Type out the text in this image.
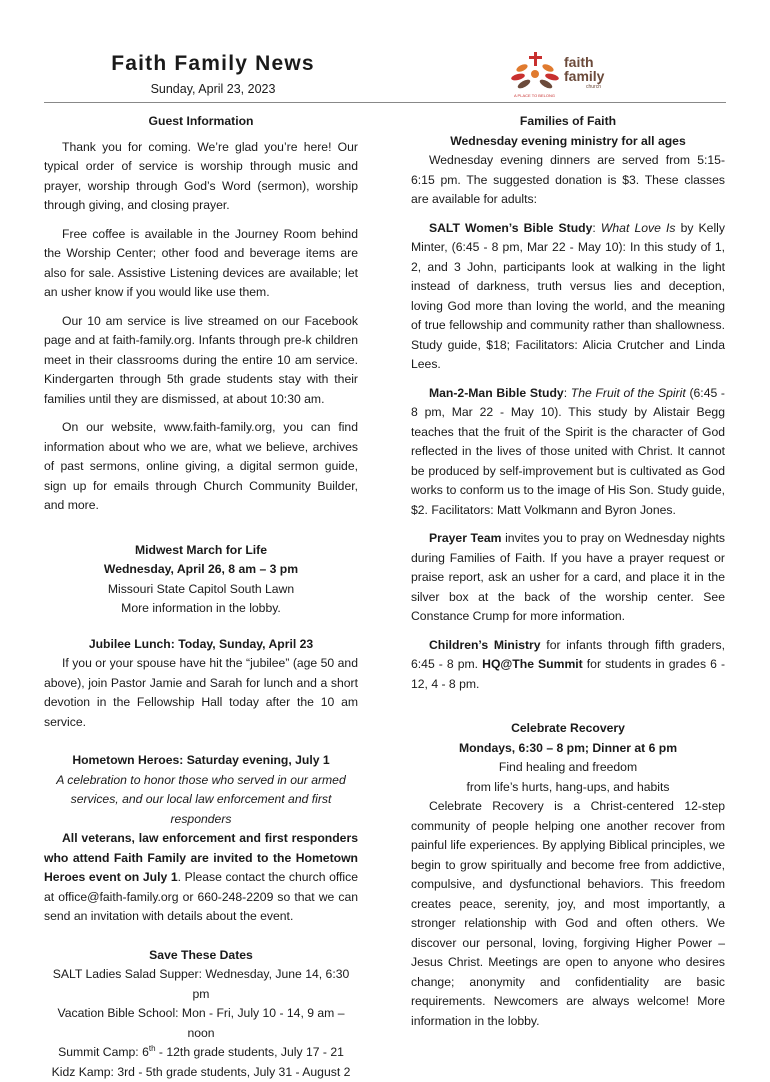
Faith Family News
Sunday, April 23, 2023
faith
family
church
A PLACE TO BELONG
Guest Information

Thank you for coming. We’re glad you’re here! Our typical order of service is worship through music and prayer, worship through God’s Word (sermon), worship through giving, and closing prayer.

Free coffee is available in the Journey Room behind the Worship Center; other food and beverage items are also for sale. Assistive Listening devices are available; let an usher know if you would like use them.

Our 10 am service is live streamed on our Facebook page and at faith-family.org. Infants through pre-k children meet in their classrooms during the entire 10 am service. Kindergarten through 5th grade students stay with their families until they are dismissed, at about 10:30 am.

On our website, www.faith-family.org, you can find information about who we are, what we believe, archives of past sermons, online giving, a digital sermon guide, sign up for emails through Church Community Builder, and more.

Midwest March for Life
Wednesday, April 26, 8 am – 3 pm
Missouri State Capitol South Lawn
More information in the lobby.
Jubilee Lunch: Today, Sunday, April 23

If you or your spouse have hit the “jubilee” (age 50 and above), join Pastor Jamie and Sarah for lunch and a short devotion in the Fellowship Hall today after the 10 am service.

Hometown Heroes: Saturday evening, July 1
A celebration to honor those who served in our armed services, and our local law enforcement and first responders

All veterans, law enforcement and first responders who attend Faith Family are invited to the Hometown Heroes event on July 1. Please contact the church office at office@faith-family.org or 660-248-2209 so that we can send an invitation with details about the event.

Save These Dates
SALT Ladies Salad Supper: Wednesday, June 14, 6:30 pm
Vacation Bible School: Mon - Fri, July 10 - 14, 9 am – noon
Summit Camp: 6th - 12th grade students, July 17 - 21
Kidz Kamp: 3rd - 5th grade students, July 31 - August 2
Families of Faith
Wednesday evening ministry for all ages

Wednesday evening dinners are served from 5:15-6:15 pm. The suggested donation is $3. These classes are available for adults:

SALT Women’s Bible Study: What Love Is by Kelly Minter, (6:45 - 8 pm, Mar 22 - May 10): In this study of 1, 2, and 3 John, participants look at walking in the light instead of darkness, truth versus lies and deception, loving God more than loving the world, and the meaning of true fellowship and community rather than shallowness. Study guide, $18; Facilitators: Alicia Crutcher and Linda Lees.

Man-2-Man Bible Study: The Fruit of the Spirit (6:45 - 8 pm, Mar 22 - May 10). This study by Alistair Begg teaches that the fruit of the Spirit is the character of God reflected in the lives of those united with Christ. It cannot be produced by self-improvement but is cultivated as God works to conform us to the image of His Son. Study guide, $2. Facilitators: Matt Volkmann and Byron Jones.

Prayer Team invites you to pray on Wednesday nights during Families of Faith. If you have a prayer request or praise report, ask an usher for a card, and place it in the silver box at the back of the worship center. See Constance Crump for more information.

Children’s Ministry for infants through fifth graders, 6:45 - 8 pm. HQ@The Summit for students in grades 6 - 12, 4 - 8 pm.

Celebrate Recovery
Mondays, 6:30 – 8 pm; Dinner at 6 pm
Find healing and freedom
from life’s hurts, hang-ups, and habits

Celebrate Recovery is a Christ-centered 12-step community of people helping one another recover from painful life experiences. By applying Biblical principles, we begin to grow spiritually and become free from addictive, compulsive, and dysfunctional behaviors. This freedom creates peace, serenity, joy, and most importantly, a stronger relationship with God and often others. We discover our personal, loving, forgiving Higher Power – Jesus Christ. Meetings are open to anyone who desires change; anonymity and confidentiality are basic requirements. Newcomers are always welcome! More information in the lobby.
